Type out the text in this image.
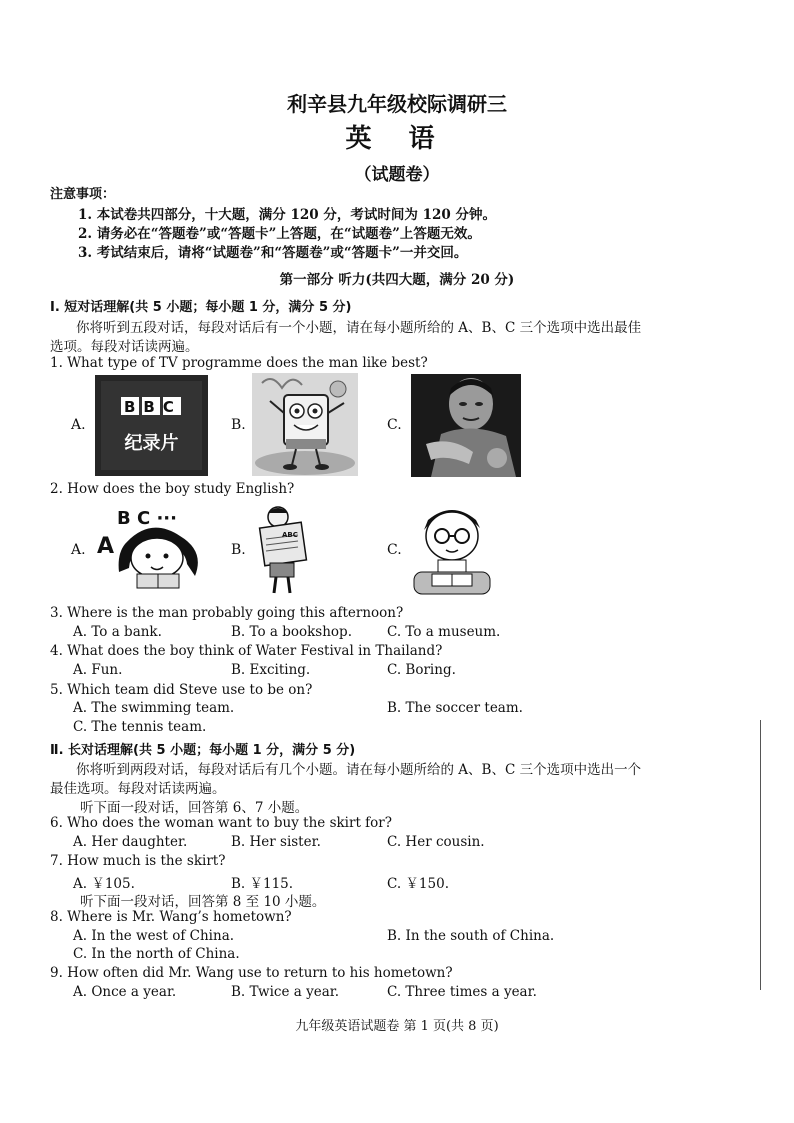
利辛县九年级校际调研三
英 语
（试题卷）
注意事项：
1. 本试卷共四部分，十大题，满分 120 分，考试时间为 120 分钟。
2. 请务必在“答题卷”或“答题卡”上答题，在“试题卷”上答题无效。
3. 考试结束后，请将“试题卷”和“答题卷”或“答题卡”一并交回。
第一部分 听力(共四大题，满分 20 分)
Ⅰ. 短对话理解(共 5 小题；每小题 1 分，满分 5 分)
你将听到五段对话，每段对话后有一个小题，请在每小题所给的 A、B、C 三个选项中选出最佳
选项。每段对话读两遍。
1. What type of TV programme does the man like best?
A.	B.	C.
BBC
纪录片
2. How does the boy study English?
A.	B.	C.
B C ···
A	ABC
3. Where is the man probably going this afternoon?
A. To a bank.	B. To a bookshop.	C. To a museum.
4. What does the boy think of Water Festival in Thailand?
A. Fun.	B. Exciting.	C. Boring.
5. Which team did Steve use to be on?
A. The swimming team.	B. The soccer team.
C. The tennis team.
Ⅱ. 长对话理解(共 5 小题；每小题 1 分，满分 5 分)
你将听到两段对话，每段对话后有几个小题。请在每小题所给的 A、B、C 三个选项中选出一个
最佳选项。每段对话读两遍。
听下面一段对话，回答第 6、7 小题。
6. Who does the woman want to buy the skirt for?
A. Her daughter.	B. Her sister.	C. Her cousin.
7. How much is the skirt?
A. ￥105.	B. ￥115.	C. ￥150.
听下面一段对话，回答第 8 至 10 小题。
8. Where is Mr. Wang’s hometown?
A. In the west of China.	B. In the south of China.
C. In the north of China.
9. How often did Mr. Wang use to return to his hometown?
A. Once a year.	B. Twice a year.	C. Three times a year.
九年级英语试题卷 第 1 页(共 8 页)
